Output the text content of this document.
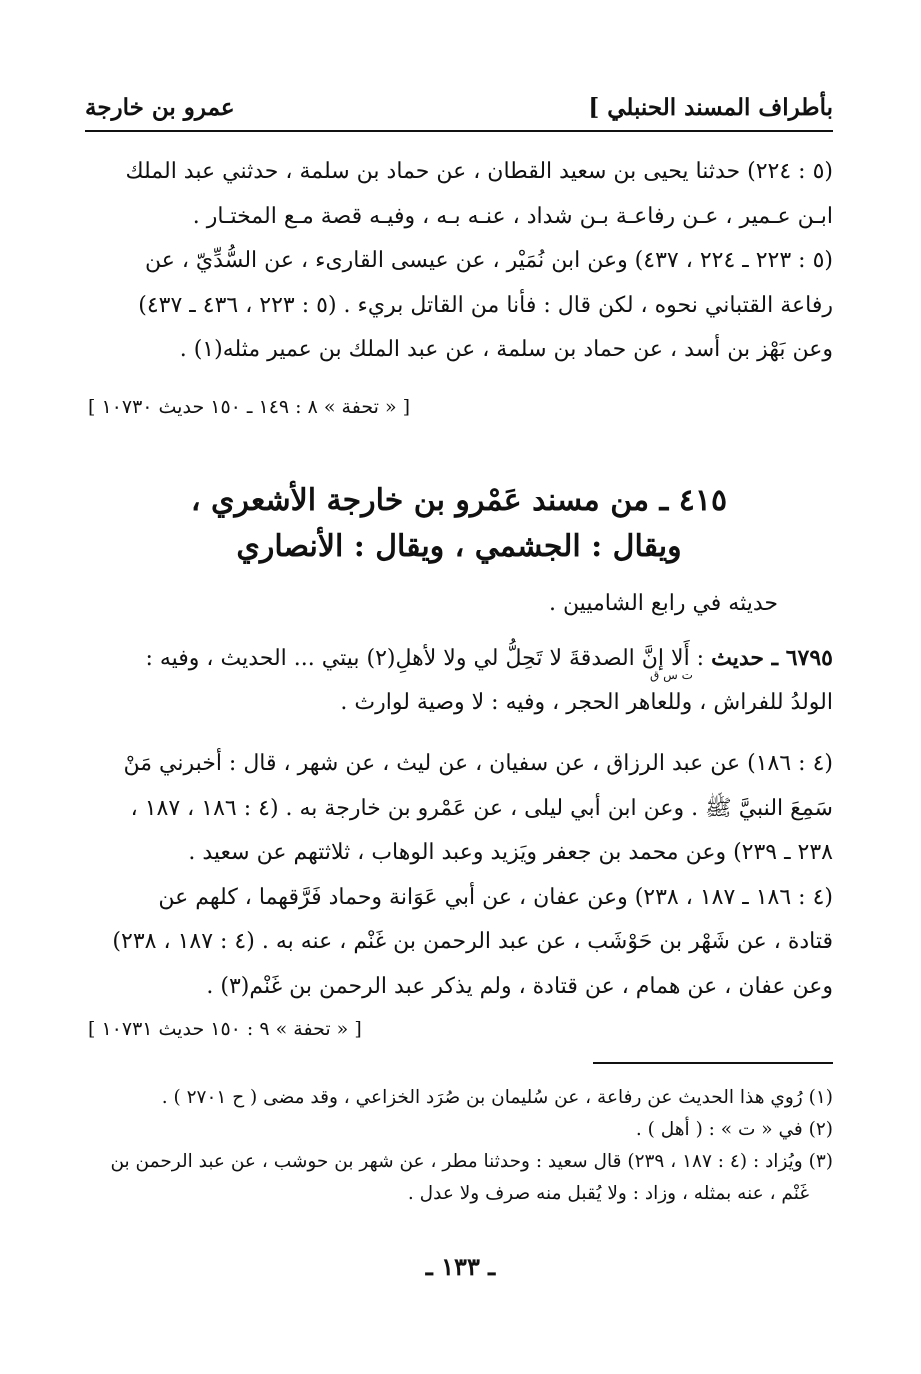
بأطراف المسند الحنبلي ]
عمرو بن خارجة
(٥ : ٢٢٤) حدثنا يحيى بن سعيد القطان ، عن حماد بن سلمة ، حدثني عبد الملك
ابـن عـمير ، عـن رفاعـة بـن شداد ، عنـه بـه ، وفيـه قصة مـع المختـار .
(٥ : ٢٢٣ ـ ٢٢٤ ، ٤٣٧) وعن ابن نُمَيْر ، عن عيسى القارىء ، عن السُّدِّيّ ، عن
رفاعة القتباني نحوه ، لكن قال : فأنا من القاتل بريء . (٥ : ٢٢٣ ، ٤٣٦ ـ ٤٣٧)
وعن بَهْز بن أسد ، عن حماد بن سلمة ، عن عبد الملك بن عمير مثله(١) .
[ « تحفة » ٨ : ١٤٩ ـ ١٥٠ حديث ١٠٧٣٠ ]
٤١٥ ـ من مسند عَمْرو بن خارجة الأشعري ،
ويقال : الجشمي ، ويقال : الأنصاري
حديثه في رابع الشاميين .
٦٧٩٥ ـ حديث : أَلا إنَّ الصدقةَ لا تَحِلُّ لي ولا لأهلِ(٢) بيتي ... الحديث ، وفيه :
الولدُ للفراش ، وللعاهر الحجر ، وفيه : لا وصية لوارث .
ت س ق
(٤ : ١٨٦) عن عبد الرزاق ، عن سفيان ، عن ليث ، عن شهر ، قال : أخبرني مَنْ
سَمِعَ النبيَّ ﷺ . وعن ابن أبي ليلى ، عن عَمْرو بن خارجة به . (٤ : ١٨٦ ، ١٨٧ ،
٢٣٨ ـ ٢٣٩) وعن محمد بن جعفر ويَزيد وعبد الوهاب ، ثلاثتهم عن سعيد .
(٤ : ١٨٦ ـ ١٨٧ ، ٢٣٨) وعن عفان ، عن أبي عَوَانة وحماد فَرَّقهما ، كلهم عن
قتادة ، عن شَهْر بن حَوْشَب ، عن عبد الرحمن بن غَنْم ، عنه به . (٤ : ١٨٧ ، ٢٣٨)
وعن عفان ، عن همام ، عن قتادة ، ولم يذكر عبد الرحمن بن غَنْم(٣) .
[ « تحفة » ٩ : ١٥٠ حديث ١٠٧٣١ ]
(١) رُوي هذا الحديث عن رفاعة ، عن سُليمان بن صُرَد الخزاعي ، وقد مضى ( ح ٢٧٠١ ) .
(٢) في « ت » : ( أهل ) .
(٣) ويُزاد : (٤ : ١٨٧ ، ٢٣٩) قال سعيد : وحدثنا مطر ، عن شهر بن حوشب ، عن عبد الرحمن بن
غَنْم ، عنه بمثله ، وزاد : ولا يُقبل منه صرف ولا عدل .
ـ ١٣٣ ـ
